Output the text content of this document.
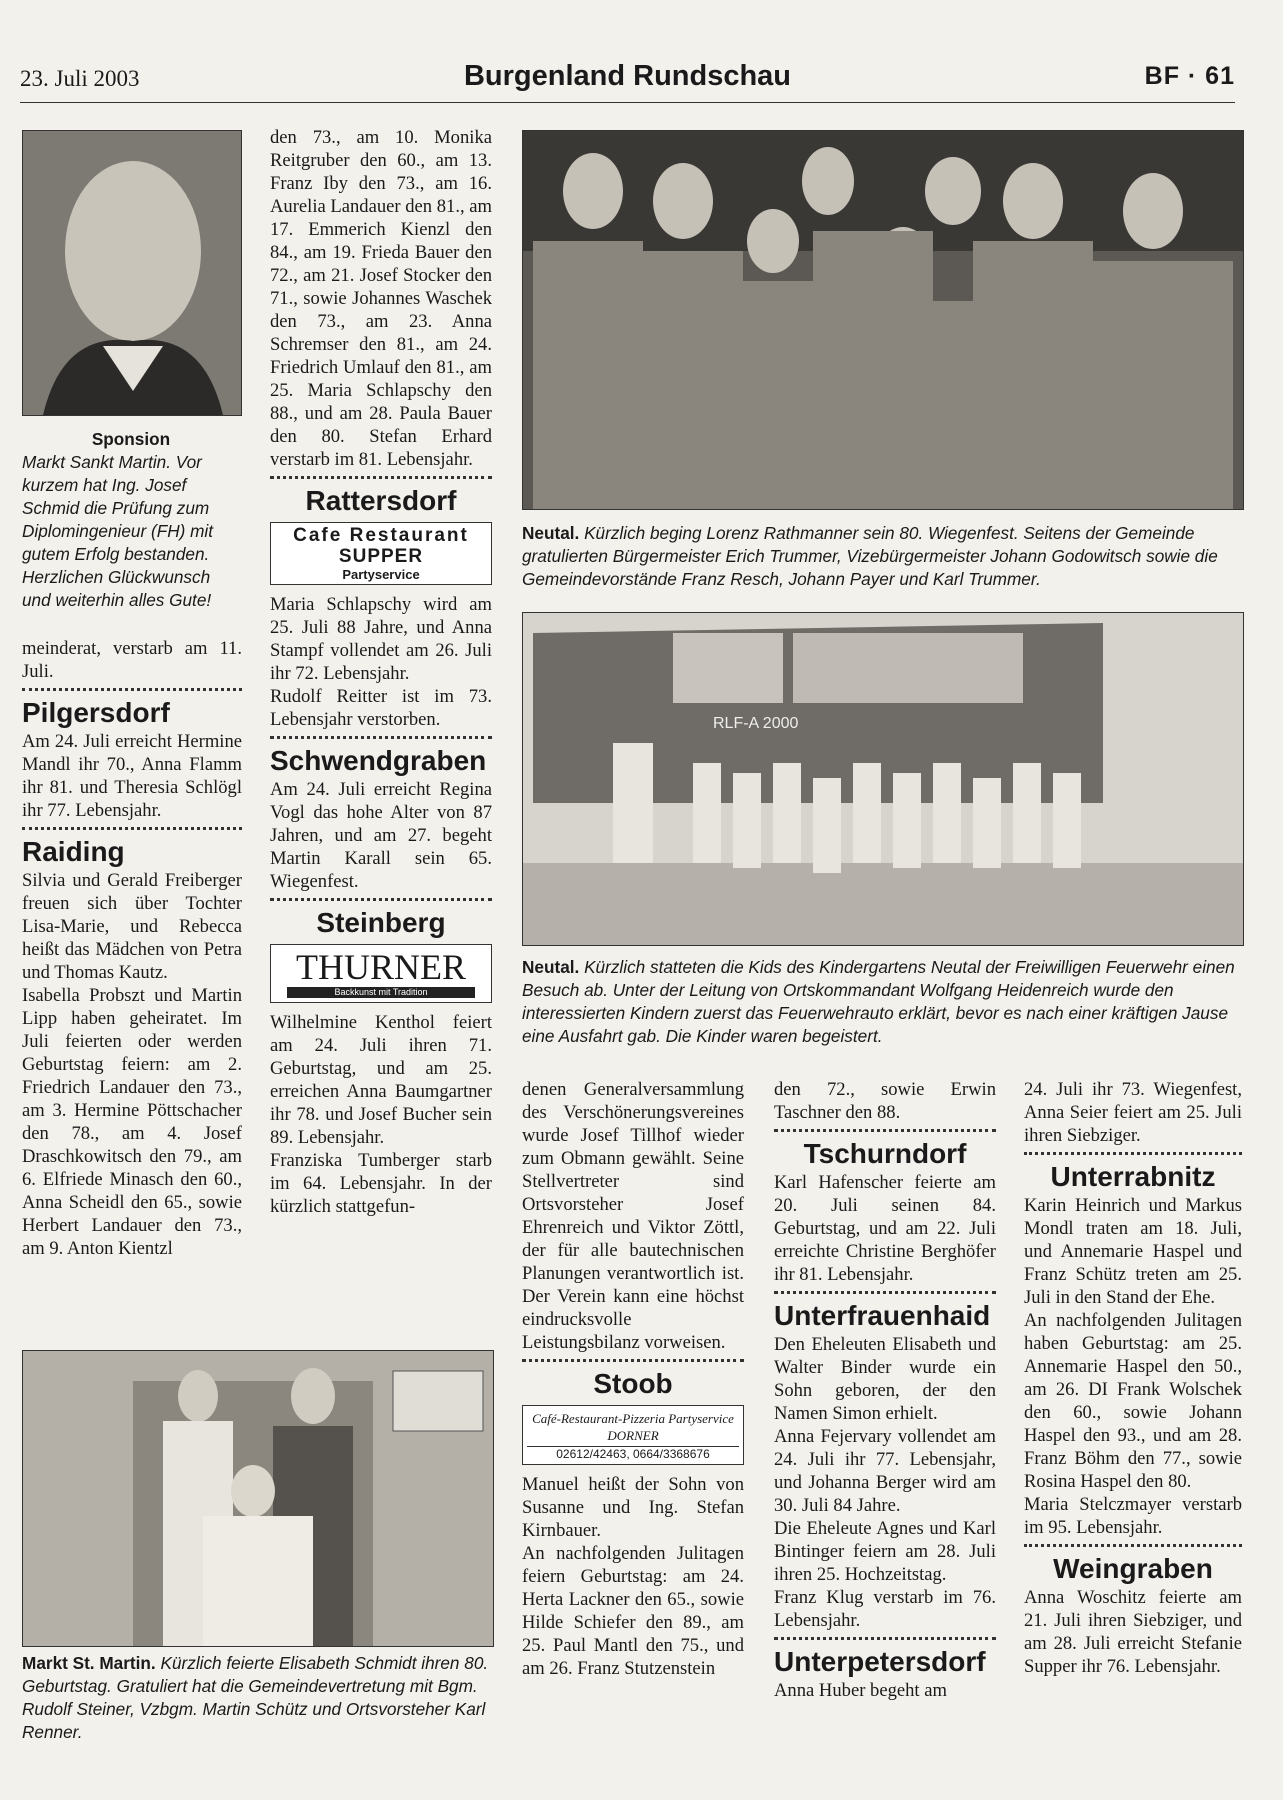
23. Juli 2003	Burgenland Rundschau	BF · 61
Sponsion
Markt Sankt Martin. Vor kurzem hat Ing. Josef Schmid die Prüfung zum Diplomingenieur (FH) mit gutem Erfolg bestanden. Herzlichen Glückwunsch und weiterhin alles Gute!

meinderat, verstarb am 11. Juli.

Pilgersdorf

Am 24. Juli erreicht Hermine Mandl ihr 70., Anna Flamm ihr 81. und Theresia Schlögl ihr 77. Lebensjahr.

Raiding

Silvia und Gerald Freiberger freuen sich über Tochter Lisa-Marie, und Rebecca heißt das Mädchen von Petra und Thomas Kautz.

Isabella Probszt und Martin Lipp haben geheiratet. Im Juli feierten oder werden Geburtstag feiern: am 2. Friedrich Landauer den 73., am 3. Hermine Pöttschacher den 78., am 4. Josef Draschkowitsch den 79., am 6. Elfriede Minasch den 60., Anna Scheidl den 65., sowie Herbert Landauer den 73., am 9. Anton Kientzl

den 73., am 10. Monika Reitgruber den 60., am 13. Franz Iby den 73., am 16. Aurelia Landauer den 81., am 17. Emmerich Kienzl den 84., am 19. Frieda Bauer den 72., am 21. Josef Stocker den 71., sowie Johannes Waschek den 73., am 23. Anna Schremser den 81., am 24. Friedrich Umlauf den 81., am 25. Maria Schlapschy den 88., und am 28. Paula Bauer den 80. Stefan Erhard verstarb im 81. Lebensjahr.

Rattersdorf
Cafe Restaurant
SUPPER
Partyservice

Maria Schlapschy wird am 25. Juli 88 Jahre, und Anna Stampf vollendet am 26. Juli ihr 72. Lebensjahr.

Rudolf Reitter ist im 73. Lebensjahr verstorben.

Schwendgraben

Am 24. Juli erreicht Regina Vogl das hohe Alter von 87 Jahren, und am 27. begeht Martin Karall sein 65. Wiegenfest.

Steinberg
THURNER
Backkunst mit Tradition

Wilhelmine Kenthol feiert am 24. Juli ihren 71. Geburtstag, und am 25. erreichen Anna Baumgartner ihr 78. und Josef Bucher sein 89. Lebensjahr.

Franziska Tumberger starb im 64. Lebensjahr. In der kürzlich stattgefun-

Neutal. Kürzlich beging Lorenz Rathmanner sein 80. Wiegenfest. Seitens der Gemeinde gratulierten Bürgermeister Erich Trummer, Vizebürgermeister Johann Godowitsch sowie die Gemeindevorstände Franz Resch, Johann Payer und Karl Trummer.
RLF-A 2000
Neutal. Kürzlich statteten die Kids des Kindergartens Neutal der Freiwilligen Feuerwehr einen Besuch ab. Unter der Leitung von Ortskommandant Wolfgang Heidenreich wurde den interessierten Kindern zuerst das Feuerwehrauto erklärt, bevor es nach einer kräftigen Jause eine Ausfahrt gab. Die Kinder waren begeistert.
Markt St. Martin. Kürzlich feierte Elisabeth Schmidt ihren 80. Geburtstag. Gratuliert hat die Gemeindevertretung mit Bgm. Rudolf Steiner, Vzbgm. Martin Schütz und Ortsvorsteher Karl Renner.

denen Generalversammlung des Verschönerungsvereines wurde Josef Tillhof wieder zum Obmann gewählt. Seine Stellvertreter sind Ortsvorsteher Josef Ehrenreich und Viktor Zöttl, der für alle bautechnischen Planungen verantwortlich ist. Der Verein kann eine höchst eindrucksvolle Leistungsbilanz vorweisen.

Stoob
Café-Restaurant-Pizzeria Partyservice DORNER
02612/42463, 0664/3368676

Manuel heißt der Sohn von Susanne und Ing. Stefan Kirnbauer.

An nachfolgenden Julitagen feiern Geburtstag: am 24. Herta Lackner den 65., sowie Hilde Schiefer den 89., am 25. Paul Mantl den 75., und am 26. Franz Stutzenstein

den 72., sowie Erwin Taschner den 88.

Tschurndorf

Karl Hafenscher feierte am 20. Juli seinen 84. Geburtstag, und am 22. Juli erreichte Christine Berghöfer ihr 81. Lebensjahr.

Unterfrauenhaid

Den Eheleuten Elisabeth und Walter Binder wurde ein Sohn geboren, der den Namen Simon erhielt.

Anna Fejervary vollendet am 24. Juli ihr 77. Lebensjahr, und Johanna Berger wird am 30. Juli 84 Jahre.

Die Eheleute Agnes und Karl Bintinger feiern am 28. Juli ihren 25. Hochzeitstag.

Franz Klug verstarb im 76. Lebensjahr.

Unterpetersdorf

Anna Huber begeht am

24. Juli ihr 73. Wiegenfest, Anna Seier feiert am 25. Juli ihren Siebziger.

Unterrabnitz

Karin Heinrich und Markus Mondl traten am 18. Juli, und Annemarie Haspel und Franz Schütz treten am 25. Juli in den Stand der Ehe.

An nachfolgenden Julitagen haben Geburtstag: am 25. Annemarie Haspel den 50., am 26. DI Frank Wolschek den 60., sowie Johann Haspel den 93., und am 28. Franz Böhm den 77., sowie Rosina Haspel den 80.

Maria Stelczmayer verstarb im 95. Lebensjahr.

Weingraben

Anna Woschitz feierte am 21. Juli ihren Siebziger, und am 28. Juli erreicht Stefanie Supper ihr 76. Lebensjahr.
